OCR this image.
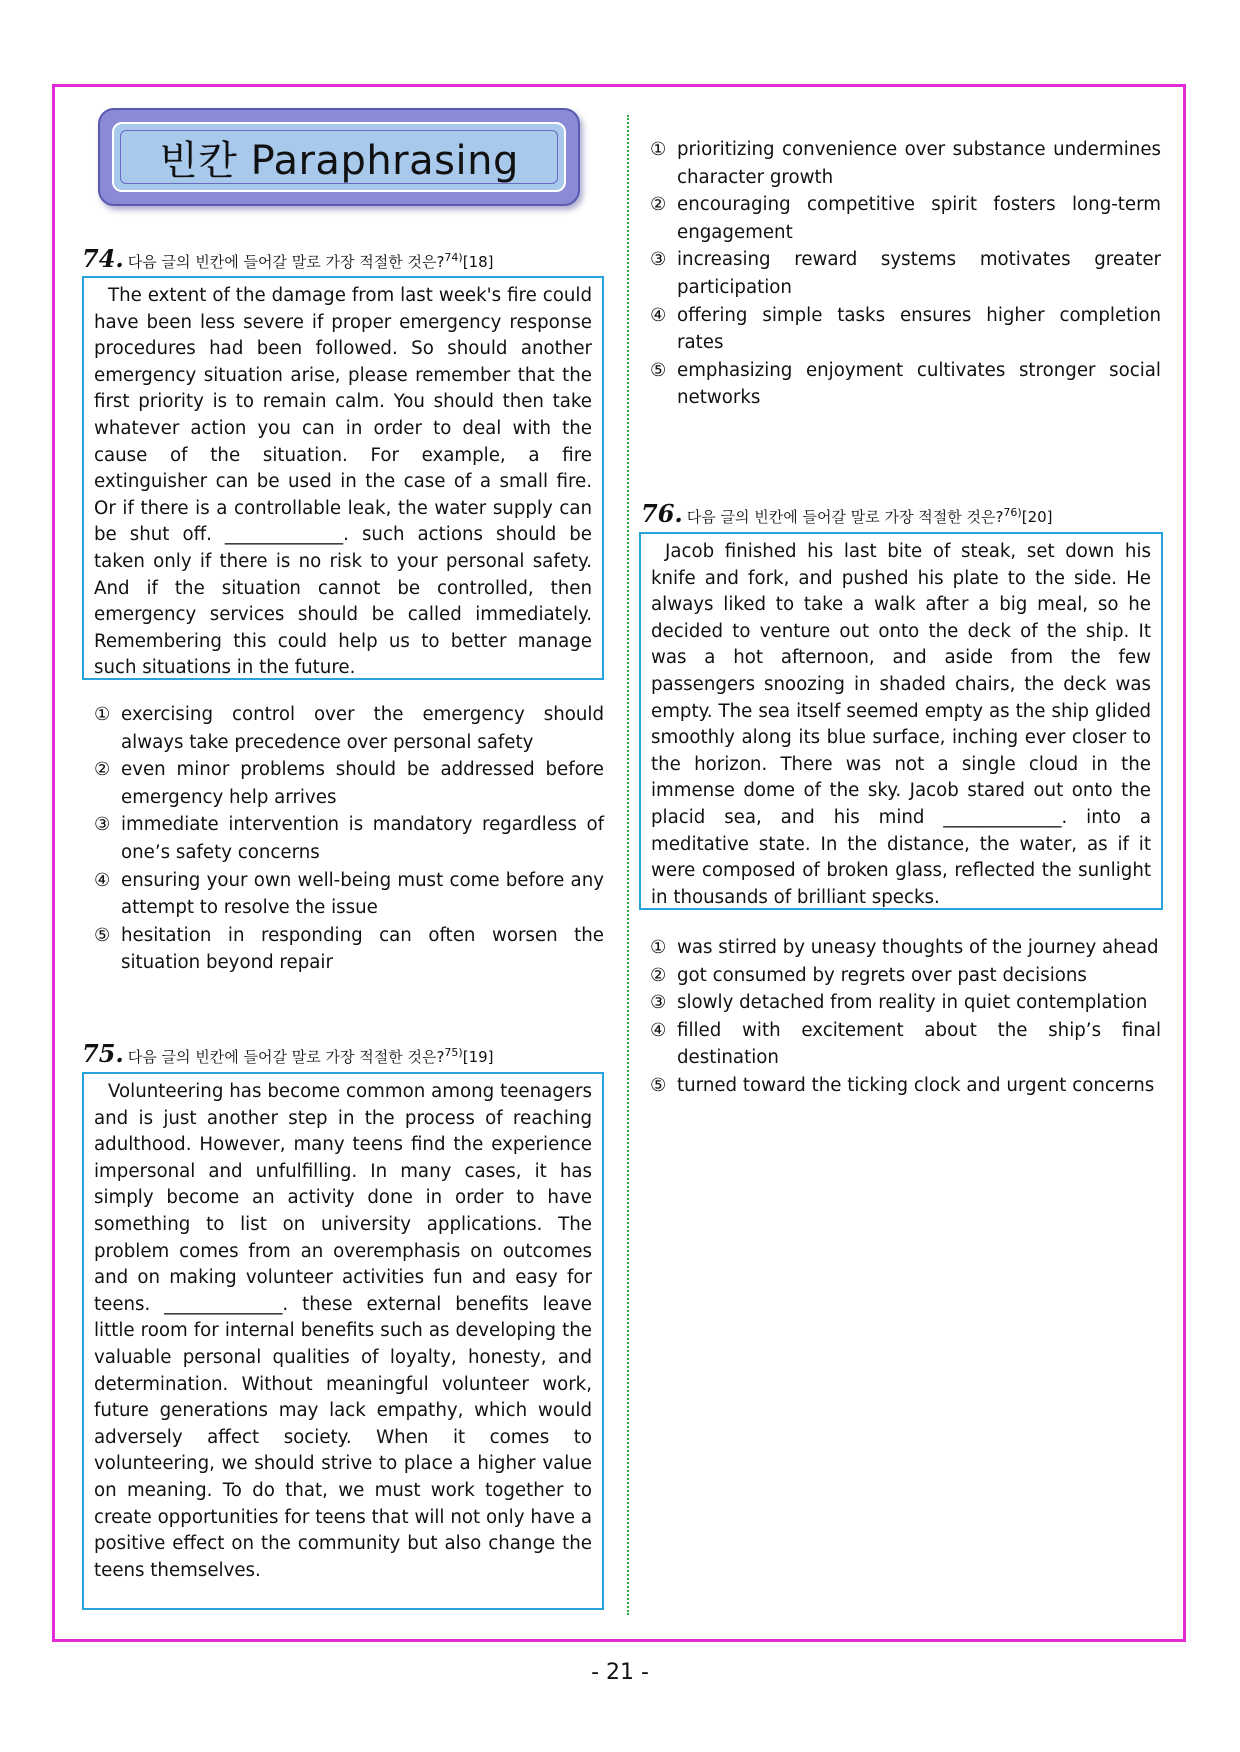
빈칸 Paraphrasing
74. 다음 글의 빈칸에 들어갈 말로 가장 적절한 것은?$^{74)}$[18]
The extent of the damage from last week's fire could have been less severe if proper emergency response procedures had been followed. So should another emergency situation arise, please remember that the first priority is to remain calm. You should then take whatever action you can in order to deal with the cause of the situation. For example, a fire extinguisher can be used in the case of a small fire. Or if there is a controllable leak, the water supply can be shut off. _____________. such actions should be taken only if there is no risk to your personal safety. And if the situation cannot be controlled, then emergency services should be called immediately. Remembering this could help us to better manage such situations in the future.
① exercising control over the emergency should always take precedence over personal safety
② even minor problems should be addressed before emergency help arrives
③ immediate intervention is mandatory regardless of one’s safety concerns
④ ensuring your own well-being must come before any attempt to resolve the issue
⑤ hesitation in responding can often worsen the situation beyond repair
75. 다음 글의 빈칸에 들어갈 말로 가장 적절한 것은?$^{75)}$[19]
Volunteering has become common among teenagers and is just another step in the process of reaching adulthood. However, many teens find the experience impersonal and unfulfilling. In many cases, it has simply become an activity done in order to have something to list on university applications. The problem comes from an overemphasis on outcomes and on making volunteer activities fun and easy for teens. _____________. these external benefits leave little room for internal benefits such as developing the valuable personal qualities of loyalty, honesty, and determination. Without meaningful volunteer work, future generations may lack empathy, which would adversely affect society. When it comes to volunteering, we should strive to place a higher value on meaning. To do that, we must work together to create opportunities for teens that will not only have a positive effect on the community but also change the teens themselves.
① prioritizing convenience over substance undermines character growth
② encouraging competitive spirit fosters long-term engagement
③ increasing reward systems motivates greater participation
④ offering simple tasks ensures higher completion rates
⑤ emphasizing enjoyment cultivates stronger social networks
76. 다음 글의 빈칸에 들어갈 말로 가장 적절한 것은?$^{76)}$[20]
Jacob finished his last bite of steak, set down his knife and fork, and pushed his plate to the side. He always liked to take a walk after a big meal, so he decided to venture out onto the deck of the ship. It was a hot afternoon, and aside from the few passengers snoozing in shaded chairs, the deck was empty. The sea itself seemed empty as the ship glided smoothly along its blue surface, inching ever closer to the horizon. There was not a single cloud in the immense dome of the sky. Jacob stared out onto the placid sea, and his mind _____________. into a meditative state. In the distance, the water, as if it were composed of broken glass, reflected the sunlight in thousands of brilliant specks.
① was stirred by uneasy thoughts of the journey ahead
② got consumed by regrets over past decisions
③ slowly detached from reality in quiet contemplation
④ filled with excitement about the ship’s final destination
⑤ turned toward the ticking clock and urgent concerns
- 21 -
